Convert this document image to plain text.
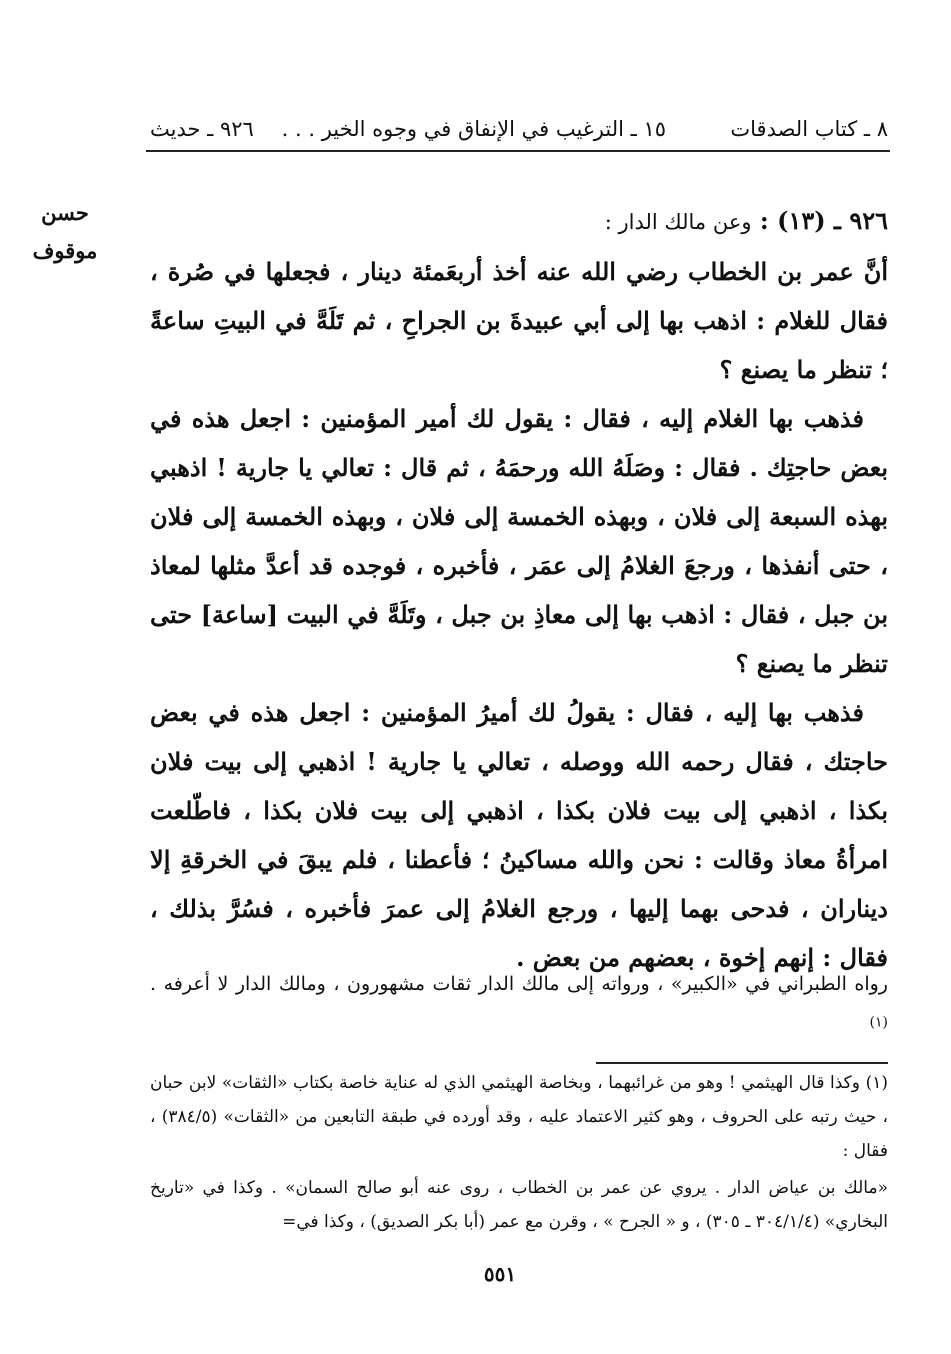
٨ ـ كتاب الصدقات
١٥ ـ الترغيب في الإنفاق في وجوه الخير . . .
٩٢٦ ـ حديث
حسن
موقوف

٩٢٦ ـ (١٣) : وعن مالك الدار :

أنَّ عمر بن الخطاب رضي الله عنه أخذ أربعَمئة دينار ، فجعلها في صُرة ، فقال للغلام : اذهب بها إلى أبي عبيدةَ بن الجراحِ ، ثم تَلَهَّ في البيتِ ساعةً ؛ تنظر ما يصنع ؟

فذهب بها الغلام إليه ، فقال : يقول لك أمير المؤمنين : اجعل هذه في بعض حاجتِك . فقال : وصَلَهُ الله ورحمَهُ ، ثم قال : تعالي يا جارية ! اذهبي بهذه السبعة إلى فلان ، وبهذه الخمسة إلى فلان ، وبهذه الخمسة إلى فلان ، حتى أنفذها ، ورجعَ الغلامُ إلى عمَر ، فأخبره ، فوجده قد أعدَّ مثلها لمعاذ بن جبل ، فقال : اذهب بها إلى معاذِ بن جبل ، وتَلَهَّ في البيت [ساعة] حتى تنظر ما يصنع ؟

فذهب بها إليه ، فقال : يقولُ لك أميرُ المؤمنين : اجعل هذه في بعض حاجتك ، فقال رحمه الله ووصله ، تعالي يا جارية ! اذهبي إلى بيت فلان بكذا ، اذهبي إلى بيت فلان بكذا ، اذهبي إلى بيت فلان بكذا ، فاطّلعت امرأةُ معاذ وقالت : نحن والله مساكينُ ؛ فأعطنا ، فلم يبقَ في الخرقةِ إلا ديناران ، فدحى بهما إليها ، ورجع الغلامُ إلى عمرَ فأخبره ، فسُرَّ بذلك ، فقال : إنهم إخوة ، بعضهم من بعض .

رواه الطبراني في «الكبير» ، ورواته إلى مالك الدار ثقات مشهورون ، ومالك الدار لا أعرفه . $^{(١)}$

(١) وكذا قال الهيثمي ! وهو من غرائبهما ، وبخاصة الهيثمي الذي له عناية خاصة بكتاب «الثقات» لابن حبان ، حيث رتبه على الحروف ، وهو كثير الاعتماد عليه ، وقد أورده في طبقة التابعين من «الثقات» (٣٨٤/٥) ، فقال :

«مالك بن عياض الدار . يروي عن عمر بن الخطاب ، روى عنه أبو صالح السمان» . وكذا في «تاريخ البخاري» (٣٠٤/١/٤ ـ ٣٠٥) ، و « الجرح » ، وقرن مع عمر (أبا بكر الصديق) ، وكذا في=

٥٥١
